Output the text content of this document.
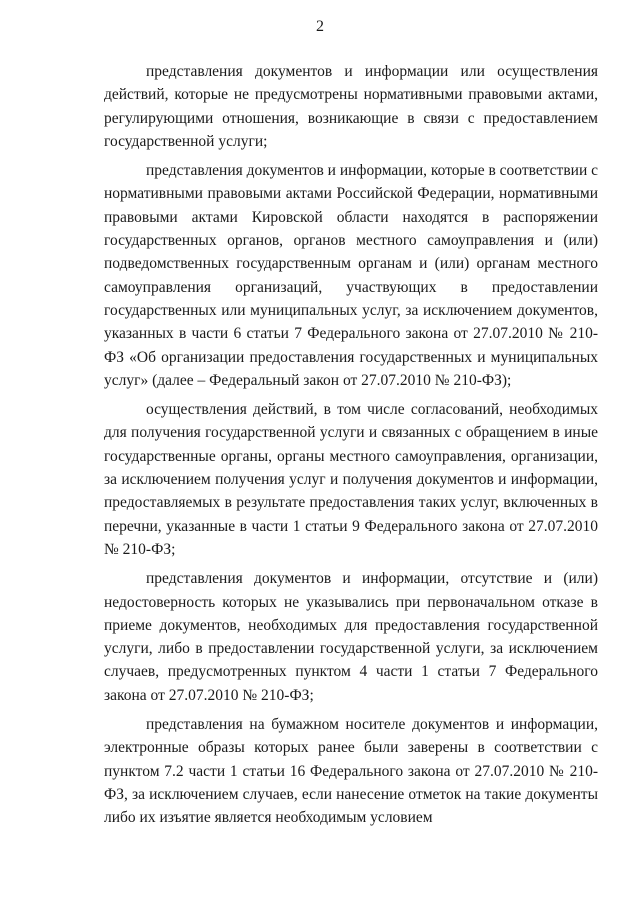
2

представления документов и информации или осуществления действий, которые не предусмотрены нормативными правовыми актами, регулирующими отношения, возникающие в связи с предоставлением государственной услуги;

представления документов и информации, которые в соответствии с нормативными правовыми актами Российской Федерации, нормативными правовыми актами Кировской области находятся в распоряжении государственных органов, органов местного самоуправления и (или) подведомственных государственным органам и (или) органам местного самоуправления организаций, участвующих в предоставлении государственных или муниципальных услуг, за исключением документов, указанных в части 6 статьи 7 Федерального закона от 27.07.2010 № 210-ФЗ «Об организации предоставления государственных и муниципальных услуг» (далее – Федеральный закон от 27.07.2010 № 210-ФЗ);

осуществления действий, в том числе согласований, необходимых для получения государственной услуги и связанных с обращением в иные государственные органы, органы местного самоуправления, организации, за исключением получения услуг и получения документов и информации, предоставляемых в результате предоставления таких услуг, включенных в перечни, указанные в части 1 статьи 9 Федерального закона от 27.07.2010 № 210-ФЗ;

представления документов и информации, отсутствие и (или) недостоверность которых не указывались при первоначальном отказе в приеме документов, необходимых для предоставления государственной услуги, либо в предоставлении государственной услуги, за исключением случаев, предусмотренных пунктом 4 части 1 статьи 7 Федерального закона от 27.07.2010 № 210-ФЗ;

представления на бумажном носителе документов и информации, электронные образы которых ранее были заверены в соответствии с пунктом 7.2 части 1 статьи 16 Федерального закона от 27.07.2010 № 210-ФЗ, за исключением случаев, если нанесение отметок на такие документы либо их изъятие является необходимым условием
